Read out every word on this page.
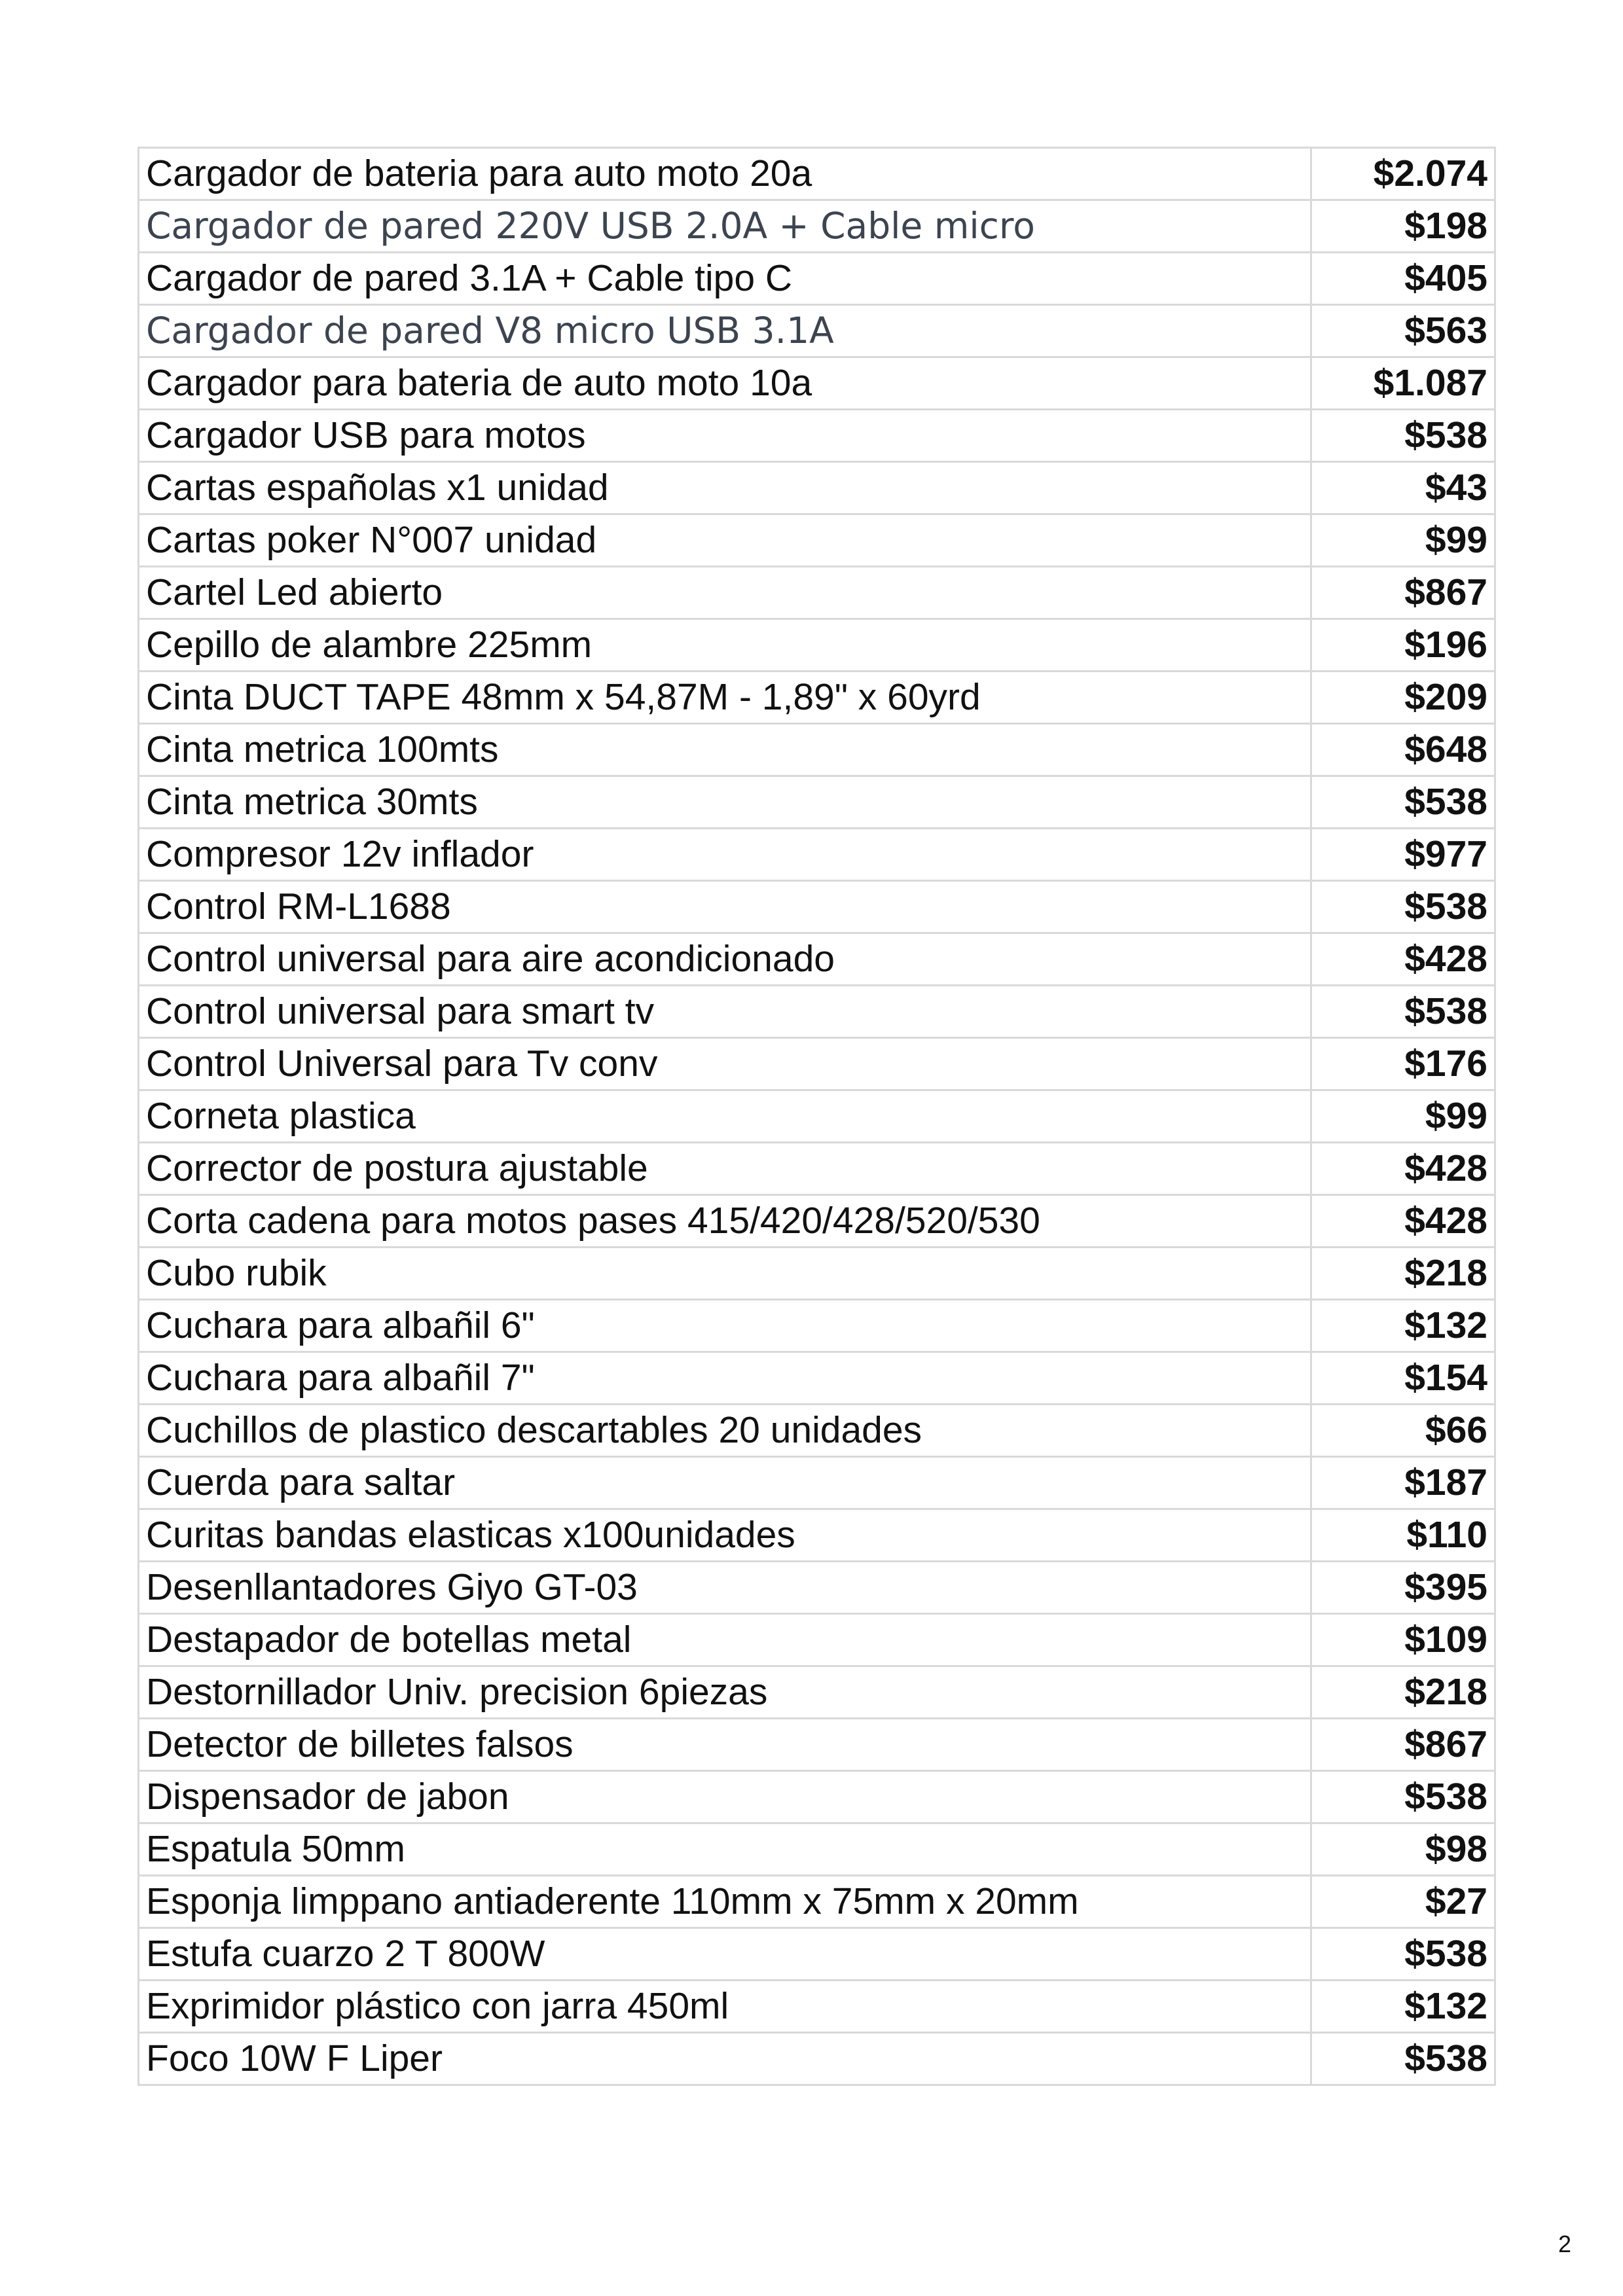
Cargador de bateria para auto moto 20a	$2.074
Cargador de pared 220V USB 2.0A + Cable micro	$198
Cargador de pared 3.1A + Cable tipo C	$405
Cargador de pared V8 micro USB 3.1A	$563
Cargador para bateria de auto moto 10a	$1.087
Cargador USB para motos	$538
Cartas españolas x1 unidad	$43
Cartas poker N°007 unidad	$99
Cartel Led abierto	$867
Cepillo de alambre 225mm	$196
Cinta DUCT TAPE 48mm x 54,87M - 1,89" x 60yrd	$209
Cinta metrica 100mts	$648
Cinta metrica 30mts	$538
Compresor 12v inflador	$977
Control RM-L1688	$538
Control universal para aire acondicionado	$428
Control universal para smart tv	$538
Control Universal para Tv conv	$176
Corneta plastica	$99
Corrector de postura ajustable	$428
Corta cadena para motos pases 415/420/428/520/530	$428
Cubo rubik	$218
Cuchara para albañil 6"	$132
Cuchara para albañil 7"	$154
Cuchillos de plastico descartables 20 unidades	$66
Cuerda para saltar	$187
Curitas bandas elasticas x100unidades	$110
Desenllantadores Giyo GT-03	$395
Destapador de botellas metal	$109
Destornillador Univ. precision 6piezas	$218
Detector de billetes falsos	$867
Dispensador de jabon	$538
Espatula 50mm	$98
Esponja limppano antiaderente 110mm x 75mm x 20mm	$27
Estufa cuarzo 2 T 800W	$538
Exprimidor plástico con jarra 450ml	$132
Foco 10W F Liper	$538
2
